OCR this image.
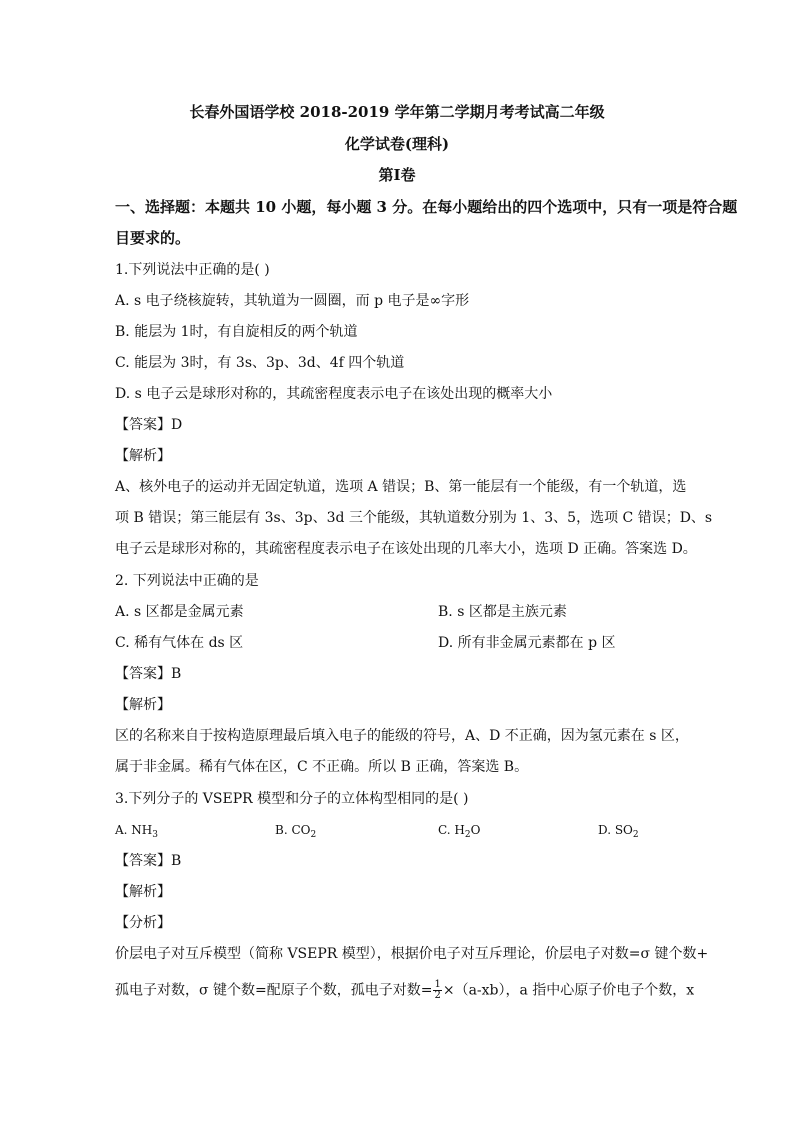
长春外国语学校 2018-2019 学年第二学期月考考试高二年级
化学试卷(理科)
第Ⅰ卷
一、选择题：本题共 10 小题，每小题 3 分。在每小题给出的四个选项中，只有一项是符合题
目要求的。
1.下列说法中正确的是( )
A. s 电子绕核旋转，其轨道为一圆圈，而 p 电子是∞字形
B. 能层为 1时，有自旋相反的两个轨道
C. 能层为 3时，有 3s、3p、3d、4f 四个轨道
D. s 电子云是球形对称的，其疏密程度表示电子在该处出现的概率大小
【答案】D
【解析】
A、核外电子的运动并无固定轨道，选项 A 错误；B、第一能层有一个能级，有一个轨道，选
项 B 错误；第三能层有 3s、3p、3d 三个能级，其轨道数分别为 1、3、5，选项 C 错误；D、s
电子云是球形对称的，其疏密程度表示电子在该处出现的几率大小，选项 D 正确。答案选 D。
2. 下列说法中正确的是
A. s 区都是金属元素	B. s 区都是主族元素
C. 稀有气体在 ds 区	D. 所有非金属元素都在 p 区
【答案】B
【解析】
区的名称来自于按构造原理最后填入电子的能级的符号，A、D 不正确，因为氢元素在 s 区，
属于非金属。稀有气体在区，C 不正确。所以 B 正确，答案选 B。
3.下列分子的 VSEPR 模型和分子的立体构型相同的是( )
A. $NH_3$	B. $CO_2$	C. $H_2O$	D. $SO_2$
【答案】B
【解析】
【分析】
价层电子对互斥模型（简称 VSEPR 模型），根据价电子对互斥理论，价层电子对数=σ 键个数+
孤电子对数，σ 键个数=配原子个数，孤电子对数= $\frac{1}{2} \times(a-xb)$，a 指中心原子价电子个数，x
